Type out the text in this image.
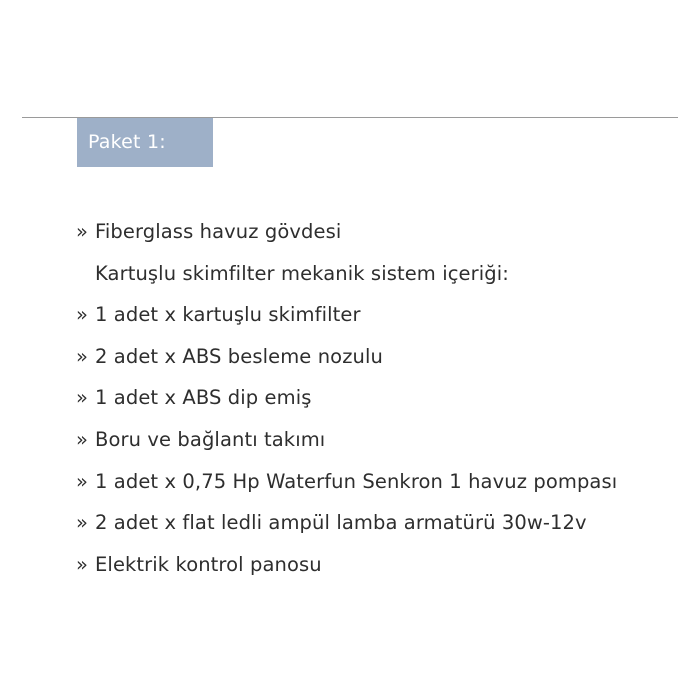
Paket 1:
» Fiberglass havuz gövdesi
Kartuşlu skimfilter mekanik sistem içeriği:
» 1 adet x kartuşlu skimfilter
» 2 adet x ABS besleme nozulu
» 1 adet x ABS dip emiş
» Boru ve bağlantı takımı
» 1 adet x 0,75 Hp Waterfun Senkron 1 havuz pompası
» 2 adet x flat ledli ampül lamba armatürü 30w-12v
» Elektrik kontrol panosu
